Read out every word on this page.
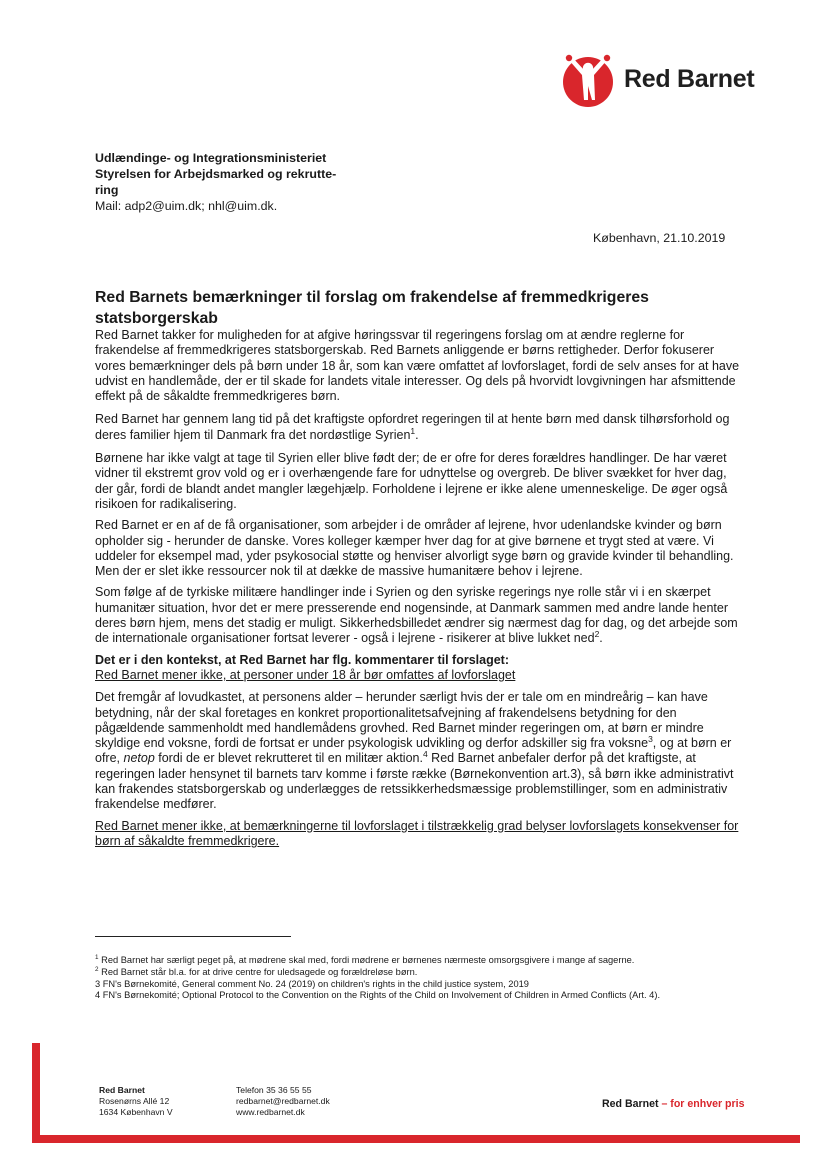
Red Barnet
Udlændinge- og Integrationsministeriet
Styrelsen for Arbejdsmarked og rekrutte-
ring
Mail: adp2@uim.dk; nhl@uim.dk.
København, 21.10.2019
Red Barnets bemærkninger til forslag om frakendelse af fremmedkrigeres
statsborgerskab

Red Barnet takker for muligheden for at afgive høringssvar til regeringens forslag om at ændre reglerne for frakendelse af fremmedkrigeres statsborgerskab. Red Barnets anliggende er børns rettigheder. Derfor fokuserer vores bemærkninger dels på børn under 18 år, som kan være omfattet af lovforslaget, fordi de selv anses for at have udvist en handlemåde, der er til skade for landets vitale interesser. Og dels på hvorvidt lovgivningen har afsmittende effekt på de såkaldte fremmedkrigeres børn.

Red Barnet har gennem lang tid på det kraftigste opfordret regeringen til at hente børn med dansk tilhørsforhold og deres familier hjem til Danmark fra det nordøstlige Syrien$^1$.

Børnene har ikke valgt at tage til Syrien eller blive født der; de er ofre for deres forældres handlinger. De har været vidner til ekstremt grov vold og er i overhængende fare for udnyttelse og overgreb. De bliver svækket for hver dag, der går, fordi de blandt andet mangler lægehjælp. Forholdene i lejrene er ikke alene umenneskelige. De øger også risikoen for radikalisering.

Red Barnet er en af de få organisationer, som arbejder i de områder af lejrene, hvor udenlandske kvinder og børn opholder sig - herunder de danske. Vores kolleger kæmper hver dag for at give børnene et trygt sted at være. Vi uddeler for eksempel mad, yder psykosocial støtte og henviser alvorligt syge børn og gravide kvinder til behandling. Men der er slet ikke ressourcer nok til at dække de massive humanitære behov i lejrene.

Som følge af de tyrkiske militære handlinger inde i Syrien og den syriske regerings nye rolle står vi i en skærpet humanitær situation, hvor det er mere presserende end nogensinde, at Danmark sammen med andre lande henter deres børn hjem, mens det stadig er muligt. Sikkerhedsbilledet ændrer sig nærmest dag for dag, og det arbejde som de internationale organisationer fortsat leverer - også i lejrene - risikerer at blive lukket ned$^2$.

Det er i den kontekst, at Red Barnet har flg. kommentarer til forslaget:

Red Barnet mener ikke, at personer under 18 år bør omfattes af lovforslaget

Det fremgår af lovudkastet, at personens alder – herunder særligt hvis der er tale om en mindreårig – kan have betydning, når der skal foretages en konkret proportionalitetsafvejning af frakendelsens betydning for den pågældende sammenholdt med handlemådens grovhed. Red Barnet minder regeringen om, at børn er mindre skyldige end voksne, fordi de fortsat er under psykologisk udvikling og derfor adskiller sig fra voksne$^3$, og at børn er ofre, netop fordi de er blevet rekrutteret til en militær aktion.$^4$ Red Barnet anbefaler derfor på det kraftigste, at regeringen lader hensynet til barnets tarv komme i første række (Børnekonvention art.3), så børn ikke administrativt kan frakendes statsborgerskab og underlægges de retssikkerhedsmæssige problemstillinger, som en administrativ frakendelse medfører.

Red Barnet mener ikke, at bemærkningerne til lovforslaget i tilstrækkelig grad belyser lovforslagets konsekvenser for børn af såkaldte fremmedkrigere.

$^1$ Red Barnet har særligt peget på, at mødrene skal med, fordi mødrene er børnenes nærmeste omsorgsgivere i mange af sagerne.
$^2$ Red Barnet står bl.a. for at drive centre for uledsagede og forældreløse børn.
3 FN's Børnekomité, General comment No. 24 (2019) on children's rights in the child justice system, 2019
4 FN's Børnekomité; Optional Protocol to the Convention on the Rights of the Child on Involvement of Children in Armed Conflicts (Art. 4).
Red Barnet
Rosenørns Allé 12
1634 København V
Telefon 35 36 55 55
redbarnet@redbarnet.dk
www.redbarnet.dk
Red Barnet – for enhver pris
